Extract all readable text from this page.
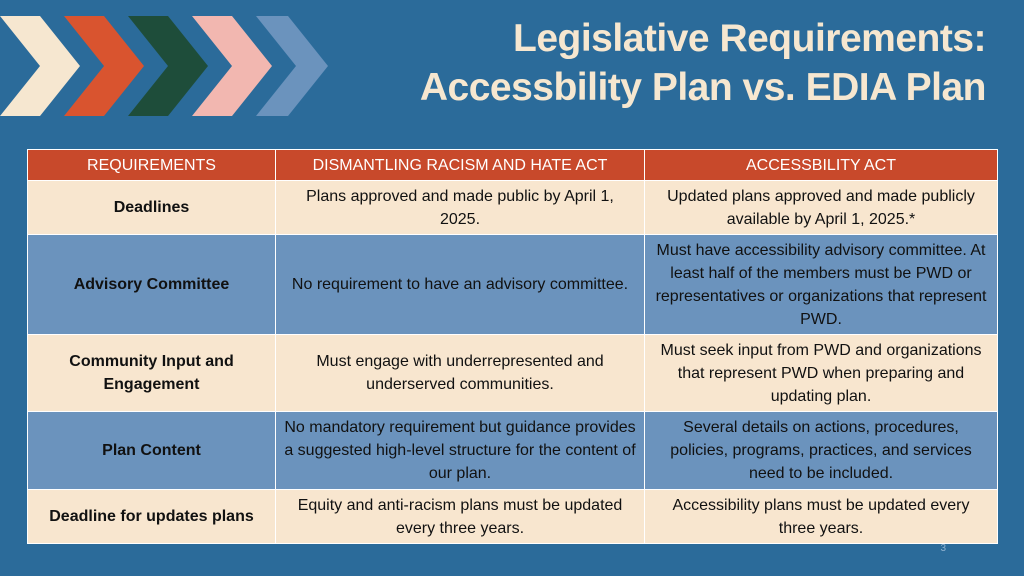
Legislative Requirements:
Accessbility Plan vs. EDIA Plan
REQUIREMENTS	DISMANTLING RACISM AND HATE ACT	ACCESSBILITY ACT
Deadlines	Plans approved and made public by April 1, 2025.	Updated plans approved and made publicly available by April 1, 2025.*
Advisory Committee	No requirement to have an advisory committee.	Must have accessibility advisory committee. At least half of the members must be PWD or representatives or organizations that represent PWD.
Community Input and Engagement	Must engage with underrepresented and underserved communities.	Must seek input from PWD and organizations that represent PWD when preparing and updating plan.
Plan Content	No mandatory requirement but guidance provides a suggested high-level structure for the content of our plan.	Several details on actions, procedures, policies, programs, practices, and services need to be included.
Deadline for updates plans	Equity and anti-racism plans must be updated every three years.	Accessibility plans must be updated every three years.
3
